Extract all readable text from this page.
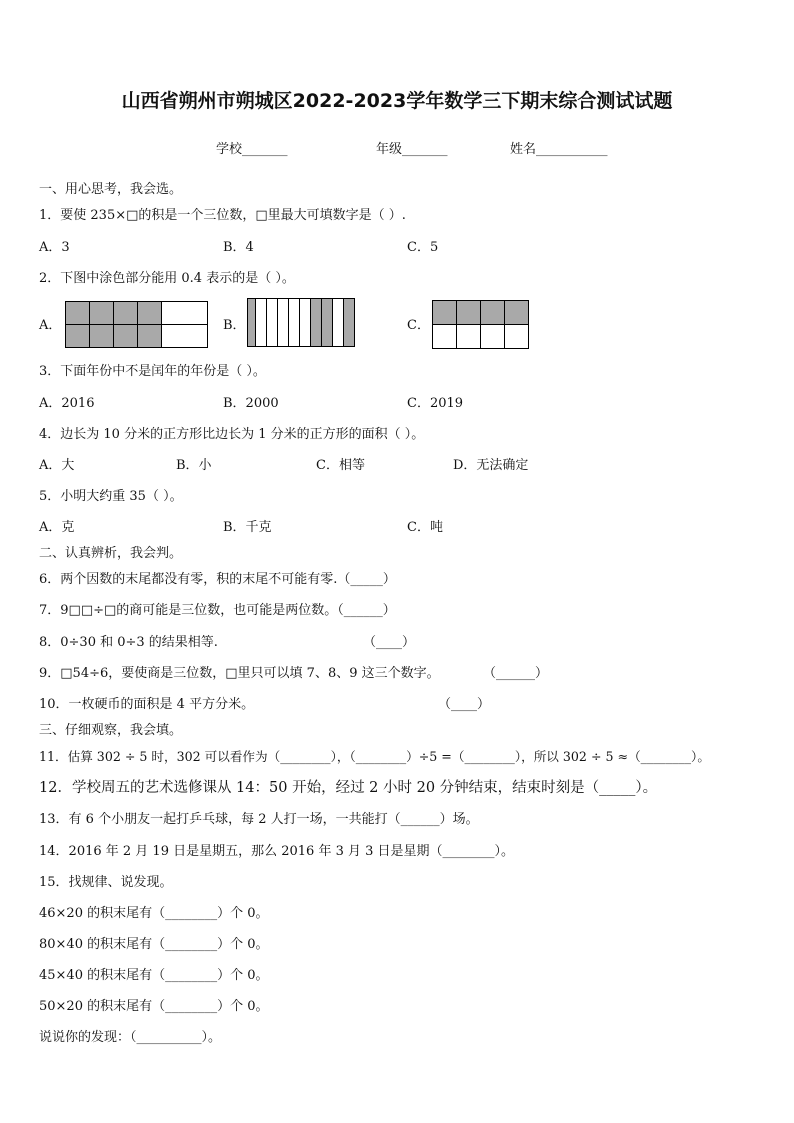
山西省朔州市朔城区2022-2023学年数学三下期末综合测试试题
学校_______	年级_______	姓名___________
一、用心思考，我会选。
1．要使 235×□的积是一个三位数，□里最大可填数字是（ ）.
A．3	B．4	C．5
2．下图中涂色部分能用 0.4 表示的是（ ）。
A．	B．	C．
3．下面年份中不是闰年的年份是（ ）。
A．2016	B．2000	C．2019
4．边长为 10 分米的正方形比边长为 1 分米的正方形的面积（ ）。
A．大	B．小	C．相等	D．无法确定
5．小明大约重 35（ ）。
A．克	B．千克	C．吨
二、认真辨析，我会判。
6．两个因数的末尾都没有零，积的末尾不可能有零.（_____）
7．9□□÷□的商可能是三位数，也可能是两位数。（______）
8．0÷30 和 0÷3 的结果相等.	（____）
9．□54÷6，要使商是三位数，□里只可以填 7、8、9 这三个数字。	（______）
10．一枚硬币的面积是 4 平方分米。	（____）
三、仔细观察，我会填。
11．估算 302 ÷ 5 时，302 可以看作为（________），（________）÷5 =（________），所以 302 ÷ 5 ≈（________）。
12．学校周五的艺术选修课从 14：50 开始，经过 2 小时 20 分钟结束，结束时刻是（_____）。
13．有 6 个小朋友一起打乒乓球，每 2 人打一场，一共能打（______）场。
14．2016 年 2 月 19 日是星期五，那么 2016 年 3 月 3 日是星期（________）。
15．找规律、说发现。
46×20 的积末尾有（________）个 0。
80×40 的积末尾有（________）个 0。
45×40 的积末尾有（________）个 0。
50×20 的积末尾有（________）个 0。
说说你的发现：（__________）。
